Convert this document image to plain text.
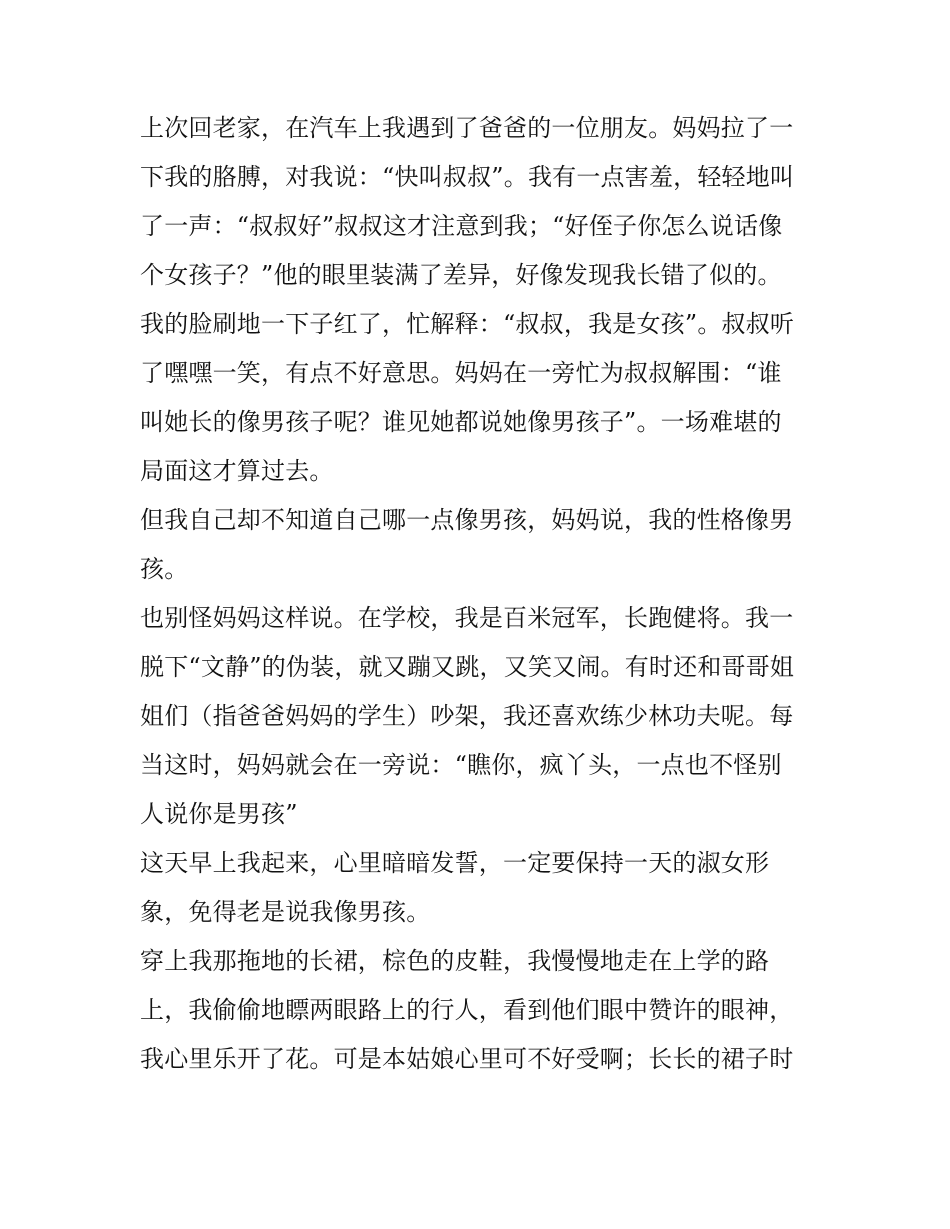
上次回老家，在汽车上我遇到了爸爸的一位朋友。妈妈拉了一
下我的胳膊，对我说：“快叫叔叔”。我有一点害羞，轻轻地叫
了一声：“叔叔好”叔叔这才注意到我；“好侄子你怎么说话像
个女孩子？”他的眼里装满了差异，好像发现我长错了似的。
我的脸刷地一下子红了，忙解释：“叔叔，我是女孩”。叔叔听
了嘿嘿一笑，有点不好意思。妈妈在一旁忙为叔叔解围：“谁
叫她长的像男孩子呢？谁见她都说她像男孩子”。一场难堪的
局面这才算过去。
但我自己却不知道自己哪一点像男孩，妈妈说，我的性格像男
孩。
也别怪妈妈这样说。在学校，我是百米冠军，长跑健将。我一
脱下“文静”的伪装，就又蹦又跳，又笑又闹。有时还和哥哥姐
姐们（指爸爸妈妈的学生）吵架，我还喜欢练少林功夫呢。每
当这时，妈妈就会在一旁说：“瞧你，疯丫头，一点也不怪别
人说你是男孩”
这天早上我起来，心里暗暗发誓，一定要保持一天的淑女形
象，免得老是说我像男孩。
穿上我那拖地的长裙，棕色的皮鞋，我慢慢地走在上学的路
上，我偷偷地瞟两眼路上的行人，看到他们眼中赞许的眼神，
我心里乐开了花。可是本姑娘心里可不好受啊；长长的裙子时
